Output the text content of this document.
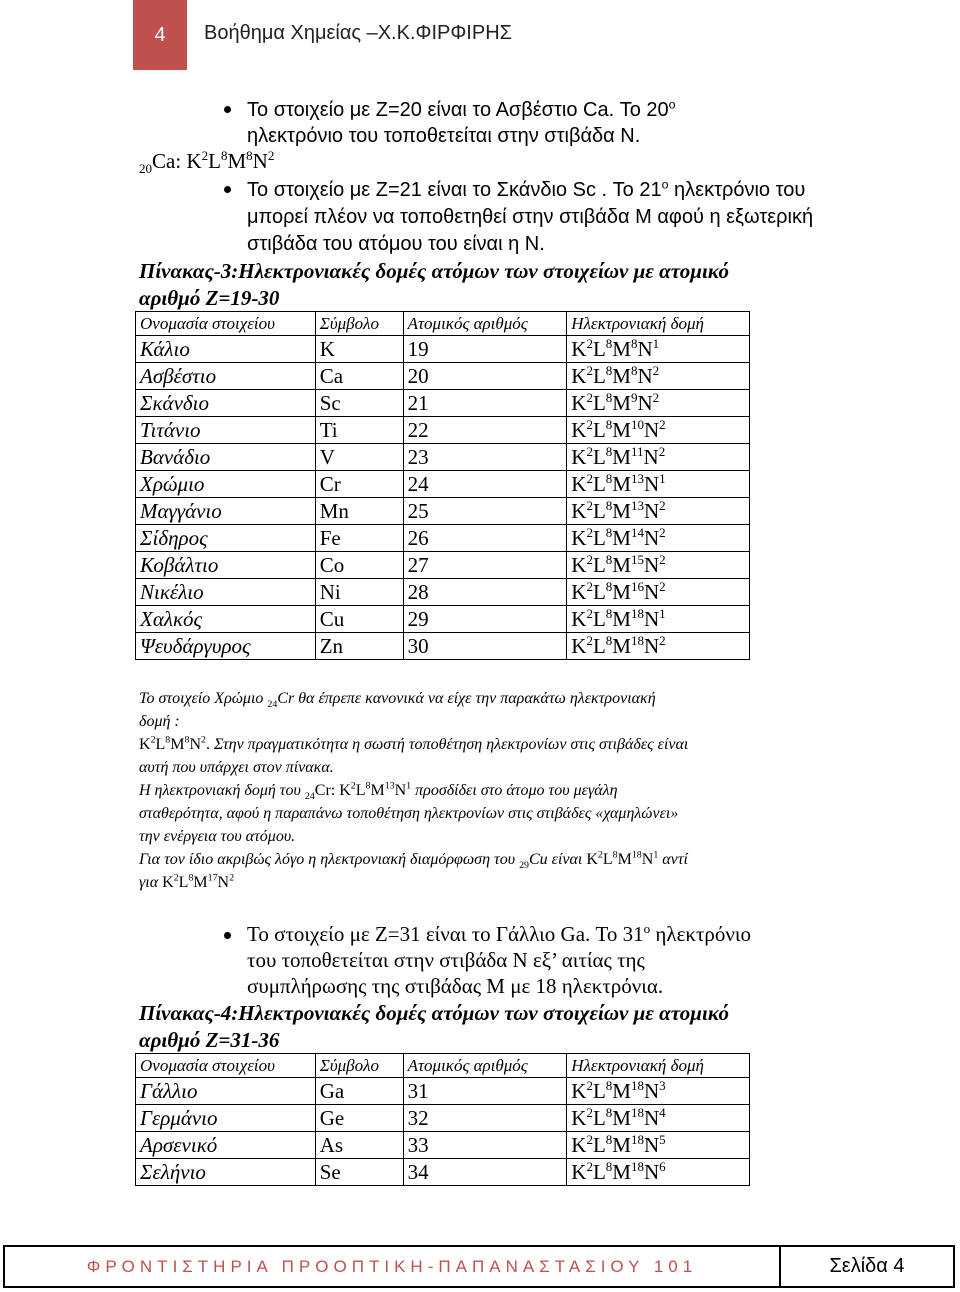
4	Βοήθημα Χημείας –Χ.Κ.ΦΙΡΦΙΡΗΣ
Το στοιχείο με Ζ=20 είναι το Ασβέστιο Ca. Το $20^o$
ηλεκτρόνιο του τοποθετείται στην στιβάδα Ν.
$_{20}$Ca: $K^2L^8M^8N^2$
Το στοιχείο με Ζ=21 είναι το Σκάνδιο Sc . Το $21^o$ ηλεκτρόνιο του
μπορεί πλέον να τοποθετηθεί στην στιβάδα Μ αφού η εξωτερική
στιβάδα του ατόμου του είναι η Ν.
Πίνακας-3:Ηλεκτρονιακές δομές ατόμων των στοιχείων με ατομικό
αριθμό Ζ=19-30
Ονομασία στοιχείου	Σύμβολο	Ατομικός αριθμός	Ηλεκτρονιακή δομή
Κάλιο	K	19	$K^2L^8M^8N^1$
Ασβέστιο	Ca	20	$K^2L^8M^8N^2$
Σκάνδιο	Sc	21	$K^2L^8M^9N^2$
Τιτάνιο	Ti	22	$K^2L^8M^{10}N^2$
Βανάδιο	V	23	$K^2L^8M^{11}N^2$
Χρώμιο	Cr	24	$K^2L^8M^{13}N^1$
Μαγγάνιο	Mn	25	$K^2L^8M^{13}N^2$
Σίδηρος	Fe	26	$K^2L^8M^{14}N^2$
Κοβάλτιο	Co	27	$K^2L^8M^{15}N^2$
Νικέλιο	Ni	28	$K^2L^8M^{16}N^2$
Χαλκός	Cu	29	$K^2L^8M^{18}N^1$
Ψευδάργυρος	Zn	30	$K^2L^8M^{18}N^2$
Το στοιχείο Χρώμιο $_{24}$Cr θα έπρεπε κανονικά να είχε την παρακάτω ηλεκτρονιακή
δομή :
$K^2L^8M^8N^2$. Στην πραγματικότητα η σωστή τοποθέτηση ηλεκτρονίων στις στιβάδες είναι
αυτή που υπάρχει στον πίνακα.
Η ηλεκτρονιακή δομή του $_{24}$Cr: $K^2L^8M^{13}N^1$ προσδίδει στο άτομο του μεγάλη
σταθερότητα, αφού η παραπάνω τοποθέτηση ηλεκτρονίων στις στιβάδες «χαμηλώνει»
την ενέργεια του ατόμου.
Για τον ίδιο ακριβώς λόγο η ηλεκτρονιακή διαμόρφωση του $_{29}$Cu είναι $K^2L^8M^{18}N^1$ αντί
για $K^2L^8M^{17}N^2$
Το στοιχείο με Ζ=31 είναι το Γάλλιο Ga. Το $31^o$ ηλεκτρόνιο
του τοποθετείται στην στιβάδα Ν εξ’ αιτίας της
συμπλήρωσης της στιβάδας Μ με 18 ηλεκτρόνια.
Πίνακας-4:Ηλεκτρονιακές δομές ατόμων των στοιχείων με ατομικό
αριθμό Ζ=31-36
Ονομασία στοιχείου	Σύμβολο	Ατομικός αριθμός	Ηλεκτρονιακή δομή
Γάλλιο	Ga	31	$K^2L^8M^{18}N^3$
Γερμάνιο	Ge	32	$K^2L^8M^{18}N^4$
Αρσενικό	As	33	$K^2L^8M^{18}N^5$
Σελήνιο	Se	34	$K^2L^8M^{18}N^6$
ΦΡΟΝΤΙΣΤΗΡΙΑ ΠΡΟΟΠΤΙΚΗ-ΠΑΠΑΝΑΣΤΑΣΙΟΥ 101	Σελίδα 4
